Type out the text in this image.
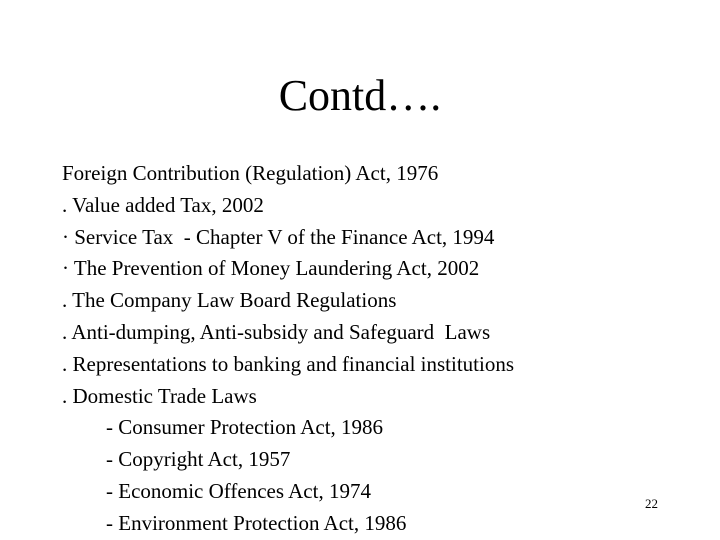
Contd….
Foreign Contribution (Regulation) Act, 1976
. Value added Tax, 2002
· Service Tax  - Chapter V of the Finance Act, 1994
· The Prevention of Money Laundering Act, 2002
. The Company Law Board Regulations
. Anti-dumping, Anti-subsidy and Safeguard  Laws
. Representations to banking and financial institutions
. Domestic Trade Laws
- Consumer Protection Act, 1986
- Copyright Act, 1957
- Economic Offences Act, 1974
- Environment Protection Act, 1986
22
